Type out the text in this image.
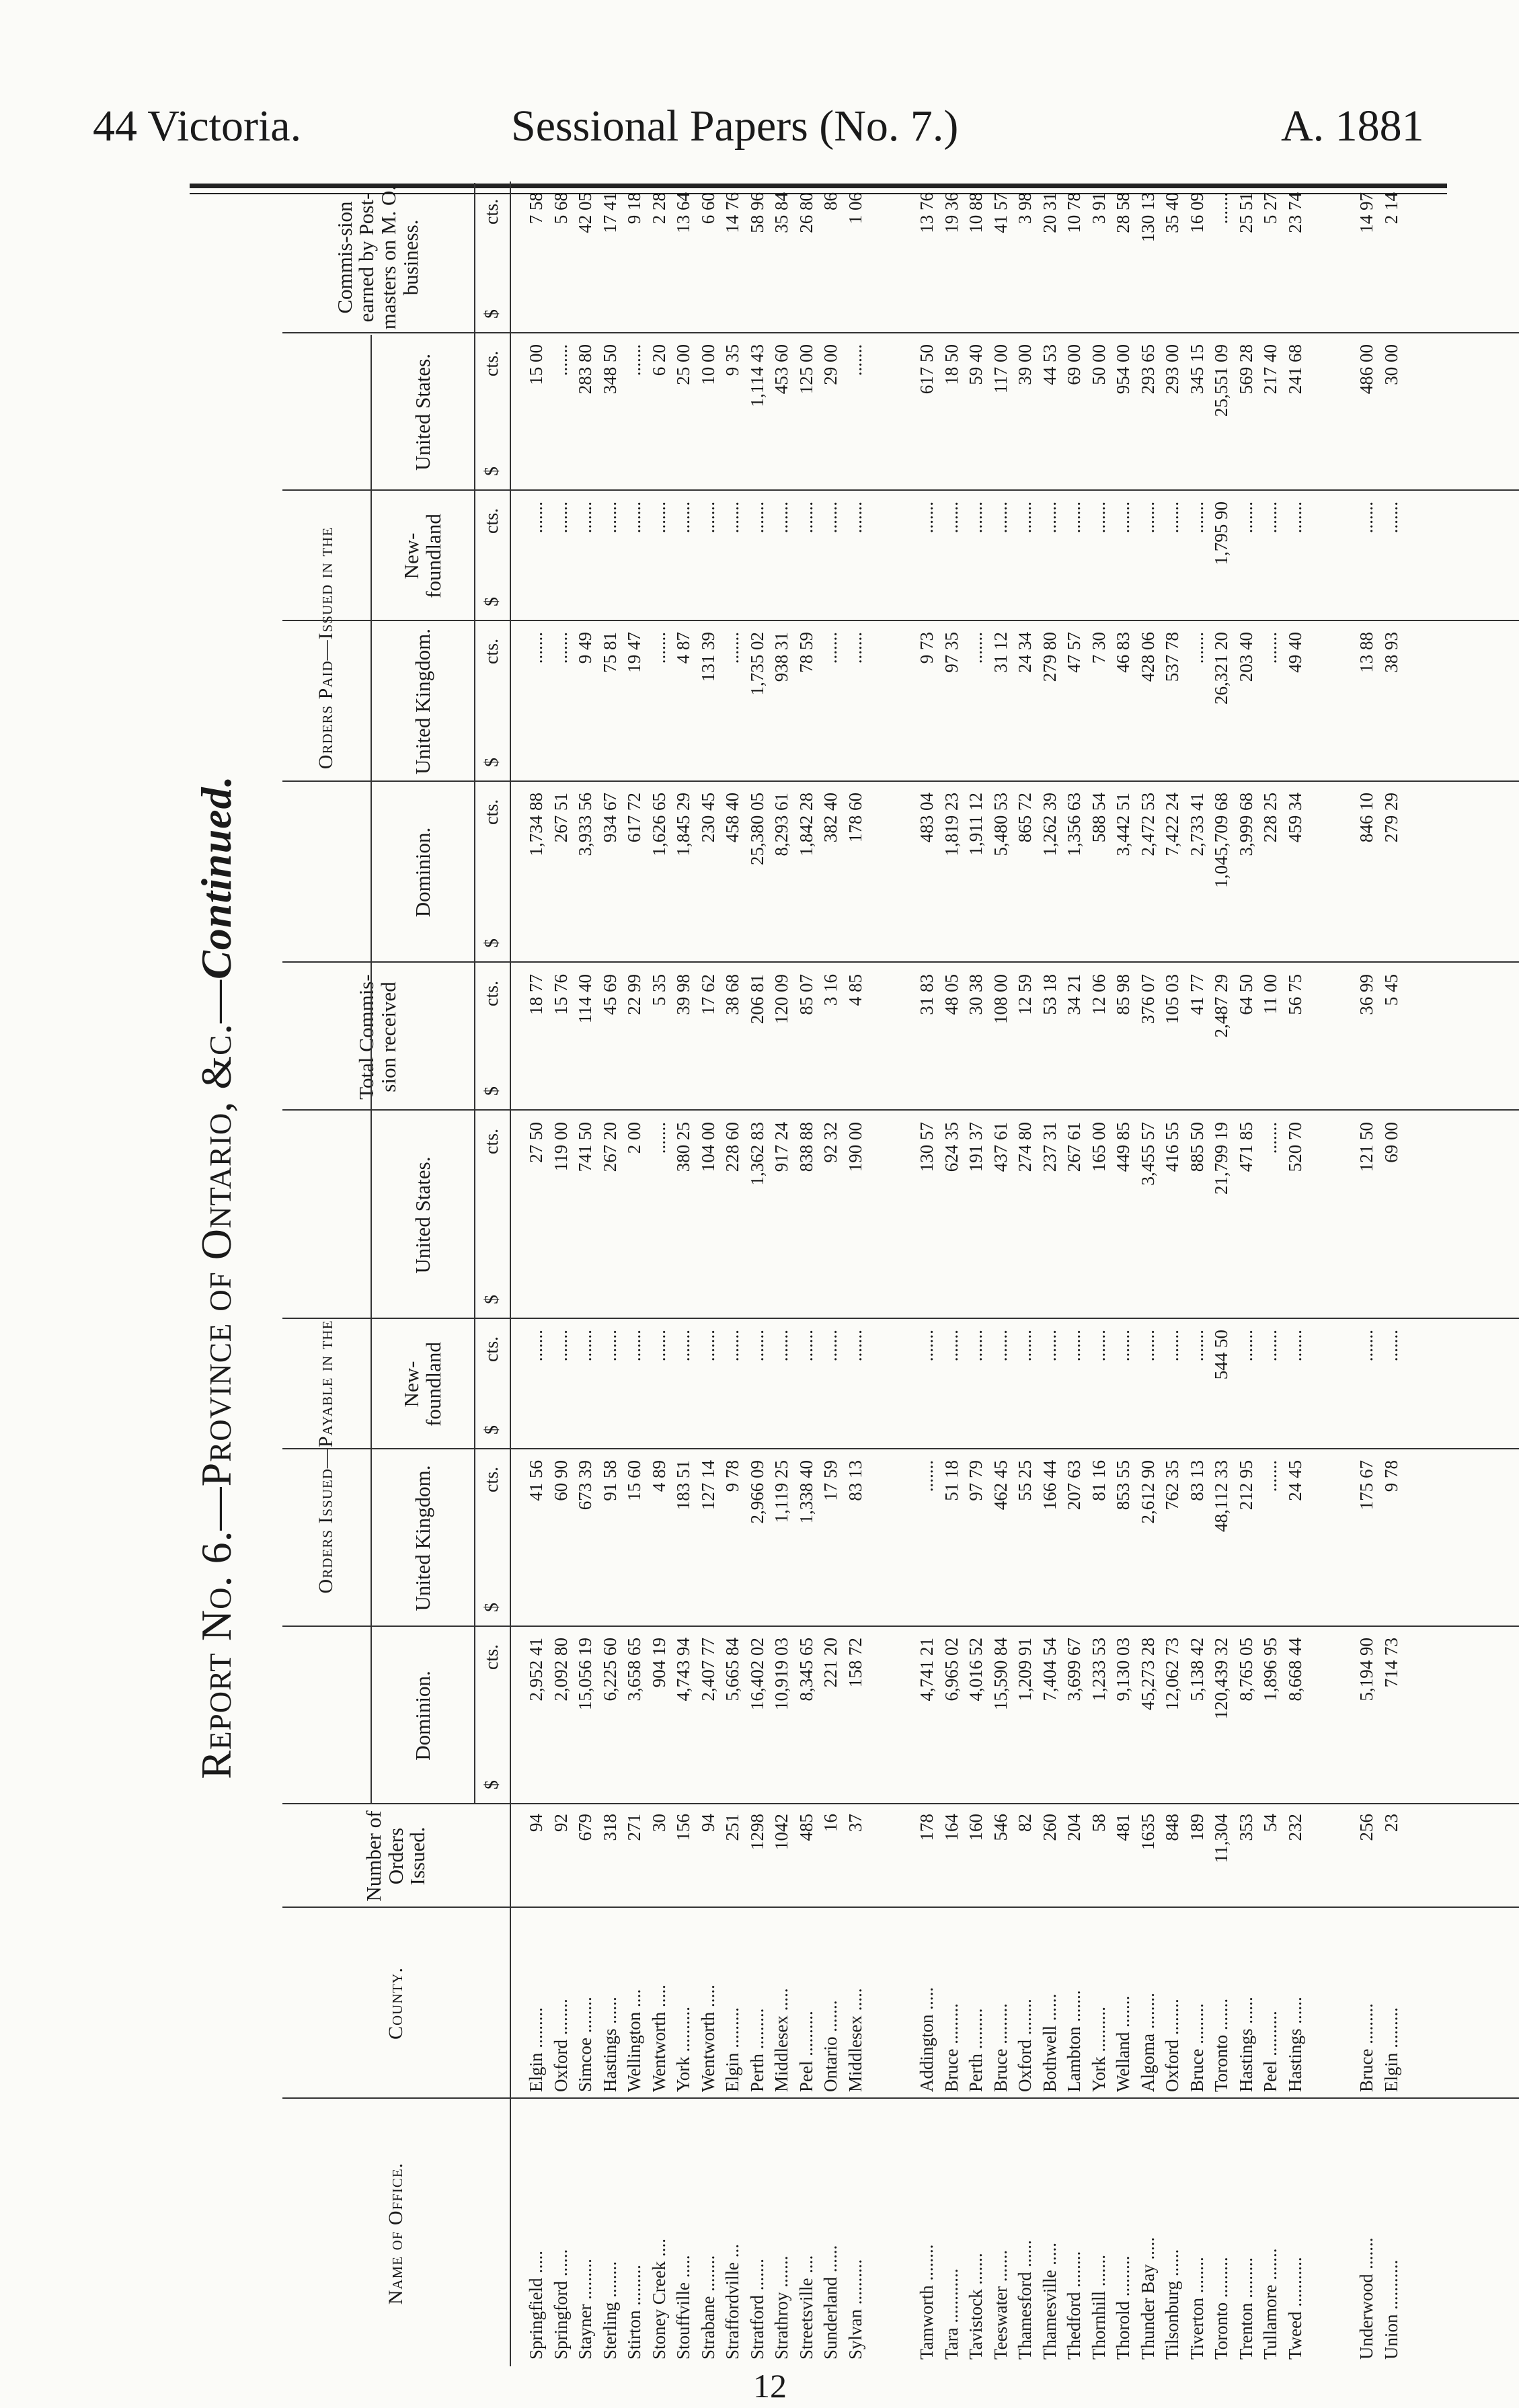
44 Victoria.	Sessional Papers (No. 7.)	A. 1881
Report No. 6.—Province of Ontario, &c.—Continued.
Name of Office.
County.
Number of Orders Issued.
Orders Issued—Payable in the
Dominion.
United Kingdom.
New-foundland
United States.
Total Commis-sion received
Orders Paid—Issued in the
Dominion.
United Kingdom.
New-foundland
United States.
Commis-sion earned by Post-masters on M. O. business.
$
cts.
$
cts.
$
cts.
$
cts.
$
cts.
$
cts.
$
cts.
$
cts.
$
cts.
$
cts.
Springfield .....
Elgin .........
94
2,952 41
41 56
.......
27 50
18 77
1,734 88
.......
.......
15 00
7 58
Springford ......
Oxford ........
92
2,092 80
60 90
.......
119 00
15 76
267 51
.......
.......
.......
5 68
Stayner .........
Simcoe ........
679
15,056 19
673 39
.......
741 50
114 40
3,933 56
9 49
.......
283 80
42 05
Sterling ........
Hastings ......
318
6,225 60
91 58
.......
267 20
45 69
934 67
75 81
.......
348 50
17 41
Stirton .........
Wellington ....
271
3,658 65
15 60
.......
2 00
22 99
617 72
19 47
.......
.......
9 18
Stoney Creek ....
Wentworth .....
30
904 19
4 89
.......
.......
5 35
1,626 65
.......
.......
6 20
2 28
Stouffville .....
York ..........
156
4,743 94
183 51
.......
380 25
39 98
1,845 29
4 87
.......
25 00
13 64
Strabane ........
Wentworth .....
94
2,407 77
127 14
.......
104 00
17 62
230 45
131 39
.......
10 00
6 60
Straffordville ...
Elgin .........
251
5,665 84
9 78
.......
228 60
38 68
458 40
.......
.......
9 35
14 76
Stratford .......
Perth .........
1298
16,402 02
2,966 09
.......
1,362 83
206 81
25,380 05
1,735 02
.......
1,114 43
58 96
Strathroy .......
Middlesex .....
1042
10,919 03
1,119 25
.......
917 24
120 09
8,293 61
938 31
.......
453 60
35 84
Streetsville ....
Peel ..........
485
8,345 65
1,338 40
.......
838 88
85 07
1,842 28
78 59
.......
125 00
26 80
Sunderland ......
Ontario .......
16
221 20
17 59
.......
92 32
3 16
382 40
.......
.......
29 00
86
Sylvan ..........
Middlesex .....
37
158 72
83 13
.......
190 00
4 85
178 60
.......
.......
.......
1 06
Tamworth ........
Addington .....
178
4,741 21
.......
.......
130 57
31 83
483 04
9 73
.......
617 50
13 76
Tara ............
Bruce .........
164
6,965 02
51 18
.......
624 35
48 05
1,819 23
97 35
.......
18 50
19 36
Tavistock .......
Perth .........
160
4,016 52
97 79
.......
191 37
30 38
1,911 12
.......
.......
59 40
10 88
Teeswater .......
Bruce .........
546
15,590 84
462 45
.......
437 61
108 00
5,480 53
31 12
.......
117 00
41 57
Thamesford ......
Oxford ........
82
1,209 91
55 25
.......
274 80
12 59
865 72
24 34
.......
39 00
3 98
Thamesville .....
Bothwell ......
260
7,404 54
166 44
.......
237 31
53 18
1,262 39
279 80
.......
44 53
20 31
Thedford ........
Lambton .......
204
3,699 67
207 63
.......
267 61
34 21
1,356 63
47 57
.......
69 00
10 78
Thornhill .......
York ..........
58
1,233 53
81 16
.......
165 00
12 06
588 54
7 30
.......
50 00
3 91
Thorold .........
Welland .......
481
9,130 03
853 55
.......
449 85
85 98
3,442 51
46 83
.......
954 00
28 58
Thunder Bay .....
Algoma ........
1635
45,273 28
2,612 90
.......
3,455 57
376 07
2,472 53
428 06
.......
293 65
130 13
Tilsonburg ......
Oxford ........
848
12,062 73
762 35
.......
416 55
105 03
7,422 24
537 78
.......
293 00
35 40
Tiverton ........
Bruce .........
189
5,138 42
83 13
.......
885 50
41 77
2,733 41
.......
.......
345 15
16 09
Toronto .........
Toronto .......
11,304
120,439 32
48,112 33
544 50
21,799 19
2,487 29
1,045,709 68
26,321 20
1,795 90
25,551 09
.......
Trenton .........
Hastings ......
353
8,765 05
212 95
.......
471 85
64 50
3,999 68
203 40
.......
569 28
25 51
Tullamore .......
Peel ..........
54
1,896 95
.......
.......
.......
11 00
228 25
.......
.......
217 40
5 27
Tweed ...........
Hastings ......
232
8,668 44
24 45
.......
520 70
56 75
459 34
49 40
.......
241 68
23 74
Underwood .......
Bruce .........
256
5,194 90
175 67
.......
121 50
36 99
846 10
13 88
.......
486 00
14 97
Union ...........
Elgin .........
23
714 73
9 78
.......
69 00
5 45
279 29
38 93
.......
30 00
2 14
12
